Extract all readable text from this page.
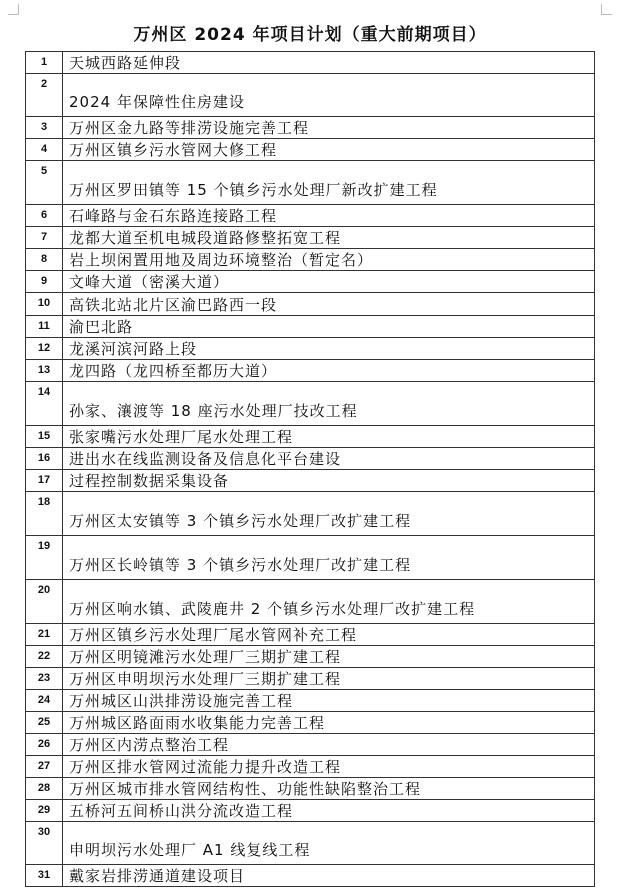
万州区 2024 年项目计划（重大前期项目）
1	天城西路延伸段
2	2024 年保障性住房建设
3	万州区金九路等排涝设施完善工程
4	万州区镇乡污水管网大修工程
5	万州区罗田镇等 15 个镇乡污水处理厂新改扩建工程
6	石峰路与金石东路连接路工程
7	龙都大道至机电城段道路修整拓宽工程
8	岩上坝闲置用地及周边环境整治（暂定名）
9	文峰大道（密溪大道）
10	高铁北站北片区渝巴路西一段
11	渝巴北路
12	龙溪河滨河路上段
13	龙四路（龙四桥至都历大道）
14	孙家、瀼渡等 18 座污水处理厂技改工程
15	张家嘴污水处理厂尾水处理工程
16	进出水在线监测设备及信息化平台建设
17	过程控制数据采集设备
18	万州区太安镇等 3 个镇乡污水处理厂改扩建工程
19	万州区长岭镇等 3 个镇乡污水处理厂改扩建工程
20	万州区响水镇、武陵鹿井 2 个镇乡污水处理厂改扩建工程
21	万州区镇乡污水处理厂尾水管网补充工程
22	万州区明镜滩污水处理厂三期扩建工程
23	万州区申明坝污水处理厂三期扩建工程
24	万州城区山洪排涝设施完善工程
25	万州城区路面雨水收集能力完善工程
26	万州区内涝点整治工程
27	万州区排水管网过流能力提升改造工程
28	万州区城市排水管网结构性、功能性缺陷整治工程
29	五桥河五间桥山洪分流改造工程
30	申明坝污水处理厂 A1 线复线工程
31	戴家岩排涝通道建设项目
